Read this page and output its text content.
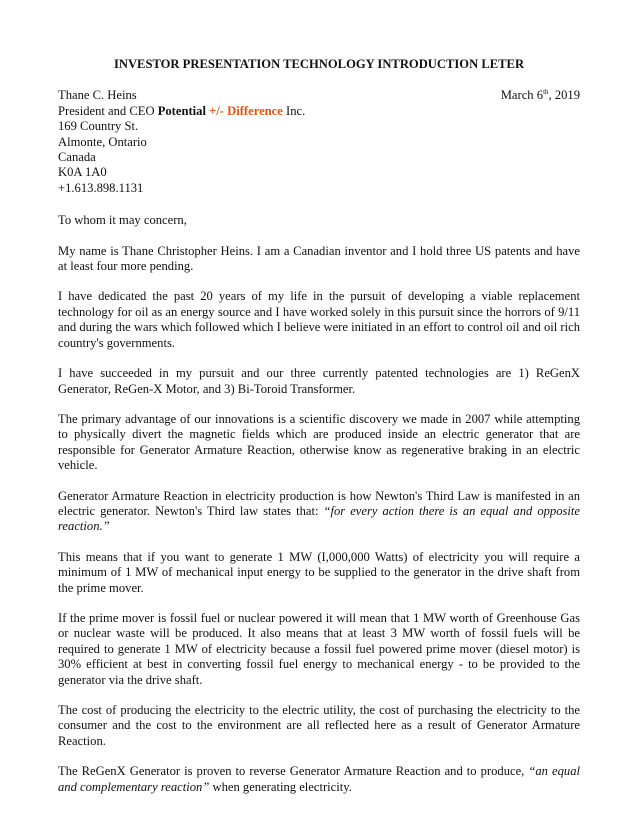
INVESTOR PRESENTATION TECHNOLOGY INTRODUCTION LETER
Thane C. Heins	March 6th, 2019
President and CEO Potential +/- Difference Inc.
169 Country St.
Almonte, Ontario
Canada
K0A 1A0
+1.613.898.1131
To whom it may concern,

My name is Thane Christopher Heins. I am a Canadian inventor and I hold three US patents and have at least four more pending.

I have dedicated the past 20 years of my life in the pursuit of developing a viable replacement technology for oil as an energy source and I have worked solely in this pursuit since the horrors of 9/11 and during the wars which followed which I believe were initiated in an effort to control oil and oil rich country's governments.

I have succeeded in my pursuit and our three currently patented technologies are 1) ReGenX Generator, ReGen-X Motor, and 3) Bi-Toroid Transformer.

The primary advantage of our innovations is a scientific discovery we made in 2007 while attempting to physically divert the magnetic fields which are produced inside an electric generator that are responsible for Generator Armature Reaction, otherwise know as regenerative braking in an electric vehicle.

Generator Armature Reaction in electricity production is how Newton's Third Law is manifested in an electric generator. Newton's Third law states that: “for every action there is an equal and opposite reaction.”

This means that if you want to generate 1 MW (I,000,000 Watts) of electricity you will require a minimum of 1 MW of mechanical input energy to be supplied to the generator in the drive shaft from the prime mover.

If the prime mover is fossil fuel or nuclear powered it will mean that 1 MW worth of Greenhouse Gas or nuclear waste will be produced. It also means that at least 3 MW worth of fossil fuels will be required to generate 1 MW of electricity because a fossil fuel powered prime mover (diesel motor) is 30% efficient at best in converting fossil fuel energy to mechanical energy - to be provided to the generator via the drive shaft.

The cost of producing the electricity to the electric utility, the cost of purchasing the electricity to the consumer and the cost to the environment are all reflected here as a result of Generator Armature Reaction.

The ReGenX Generator is proven to reverse Generator Armature Reaction and to produce, “an equal and complementary reaction” when generating electricity.
